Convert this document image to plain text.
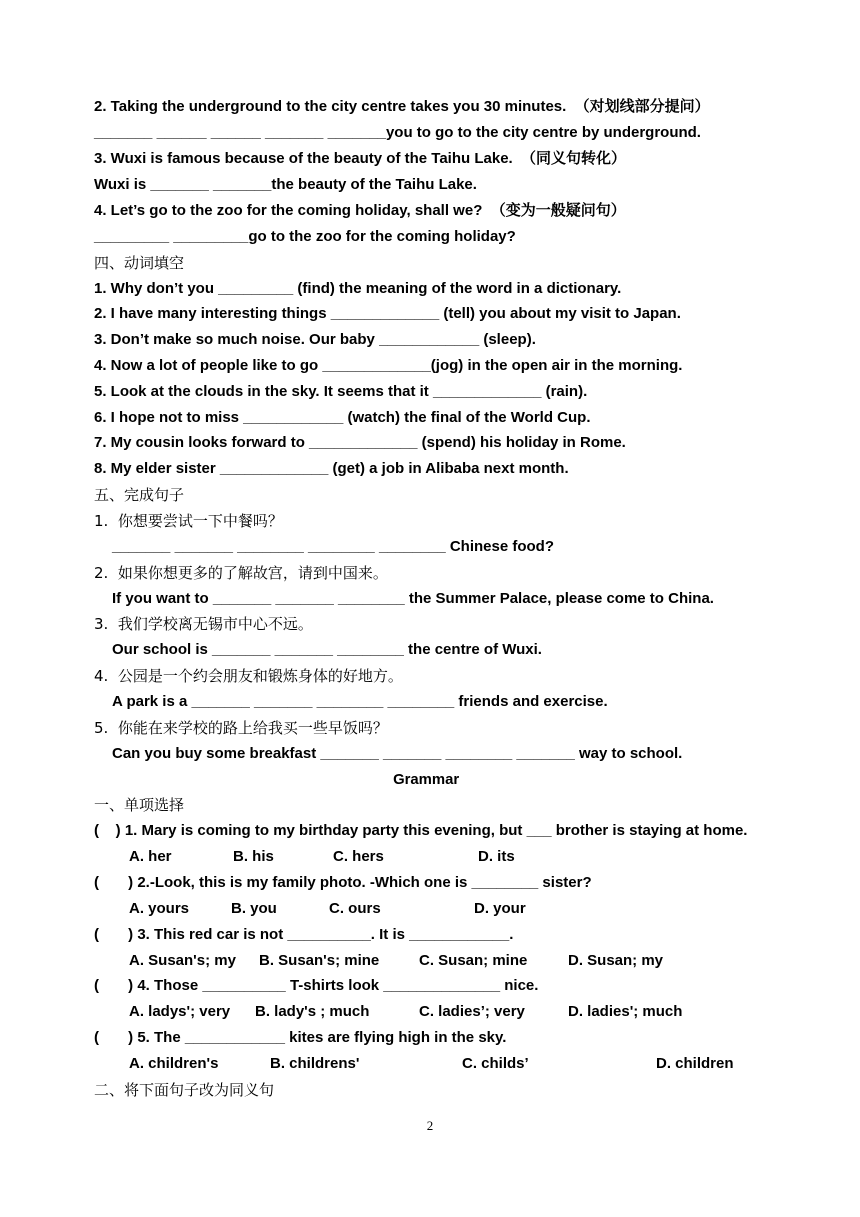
2. Taking the underground to the city centre takes you 30 minutes.  （对划线部分提问）
_______ ______ ______ _______ _______you to go to the city centre by underground.
3. Wuxi is famous because of the beauty of the Taihu Lake.  （同义句转化）
Wuxi is _______ _______the beauty of the Taihu Lake.
4. Let’s go to the zoo for the coming holiday, shall we?  （变为一般疑问句）
_________ _________go to the zoo for the coming holiday?
四、动词填空
1. Why don’t you _________ (find) the meaning of the word in a dictionary.
2. I have many interesting things _____________ (tell) you about my visit to Japan.
3. Don’t make so much noise. Our baby ____________ (sleep).
4. Now a lot of people like to go _____________(jog) in the open air in the morning.
5. Look at the clouds in the sky. It seems that it _____________ (rain).
6. I hope not to miss ____________ (watch) the final of the World Cup.
7. My cousin looks forward to _____________ (spend) his holiday in Rome.
8. My elder sister _____________ (get) a job in Alibaba next month.
五、完成句子
1.  你想要尝试一下中餐吗？
_______ _______ ________ ________ ________ Chinese food?
2.  如果你想更多的了解故宫，请到中国来。
If you want to _______ _______ ________ the Summer Palace, please come to China.
3.  我们学校离无锡市中心不远。
Our school is _______ _______ ________ the centre of Wuxi.
4.  公园是一个约会朋友和锻炼身体的好地方。
A park is a _______ _______ ________ ________ friends and exercise.
5.  你能在来学校的路上给我买一些早饭吗？
Can you buy some breakfast _______ _______ ________ _______ way to school.
Grammar
一、单项选择
(    ) 1. Mary is coming to my birthday party this evening, but ___ brother is staying at home.
A. her	B. his	C. hers	D. its
(       ) 2.-Look, this is my family photo. -Which one is ________ sister?
A. yours	B. you	C. ours	D. your
(       ) 3. This red car is not __________. It is ____________.
A. Susan's; my B. Susan's; mine	C. Susan; mine	D. Susan; my
(       ) 4. Those __________ T-shirts look ______________ nice.
A. ladys'; very B. lady's ; much	C. ladies’; very	D. ladies'; much
(       ) 5. The ____________ kites are flying high in the sky.
A. children's	B. childrens'	C. childs’	D. children
二、将下面句子改为同义句
2
